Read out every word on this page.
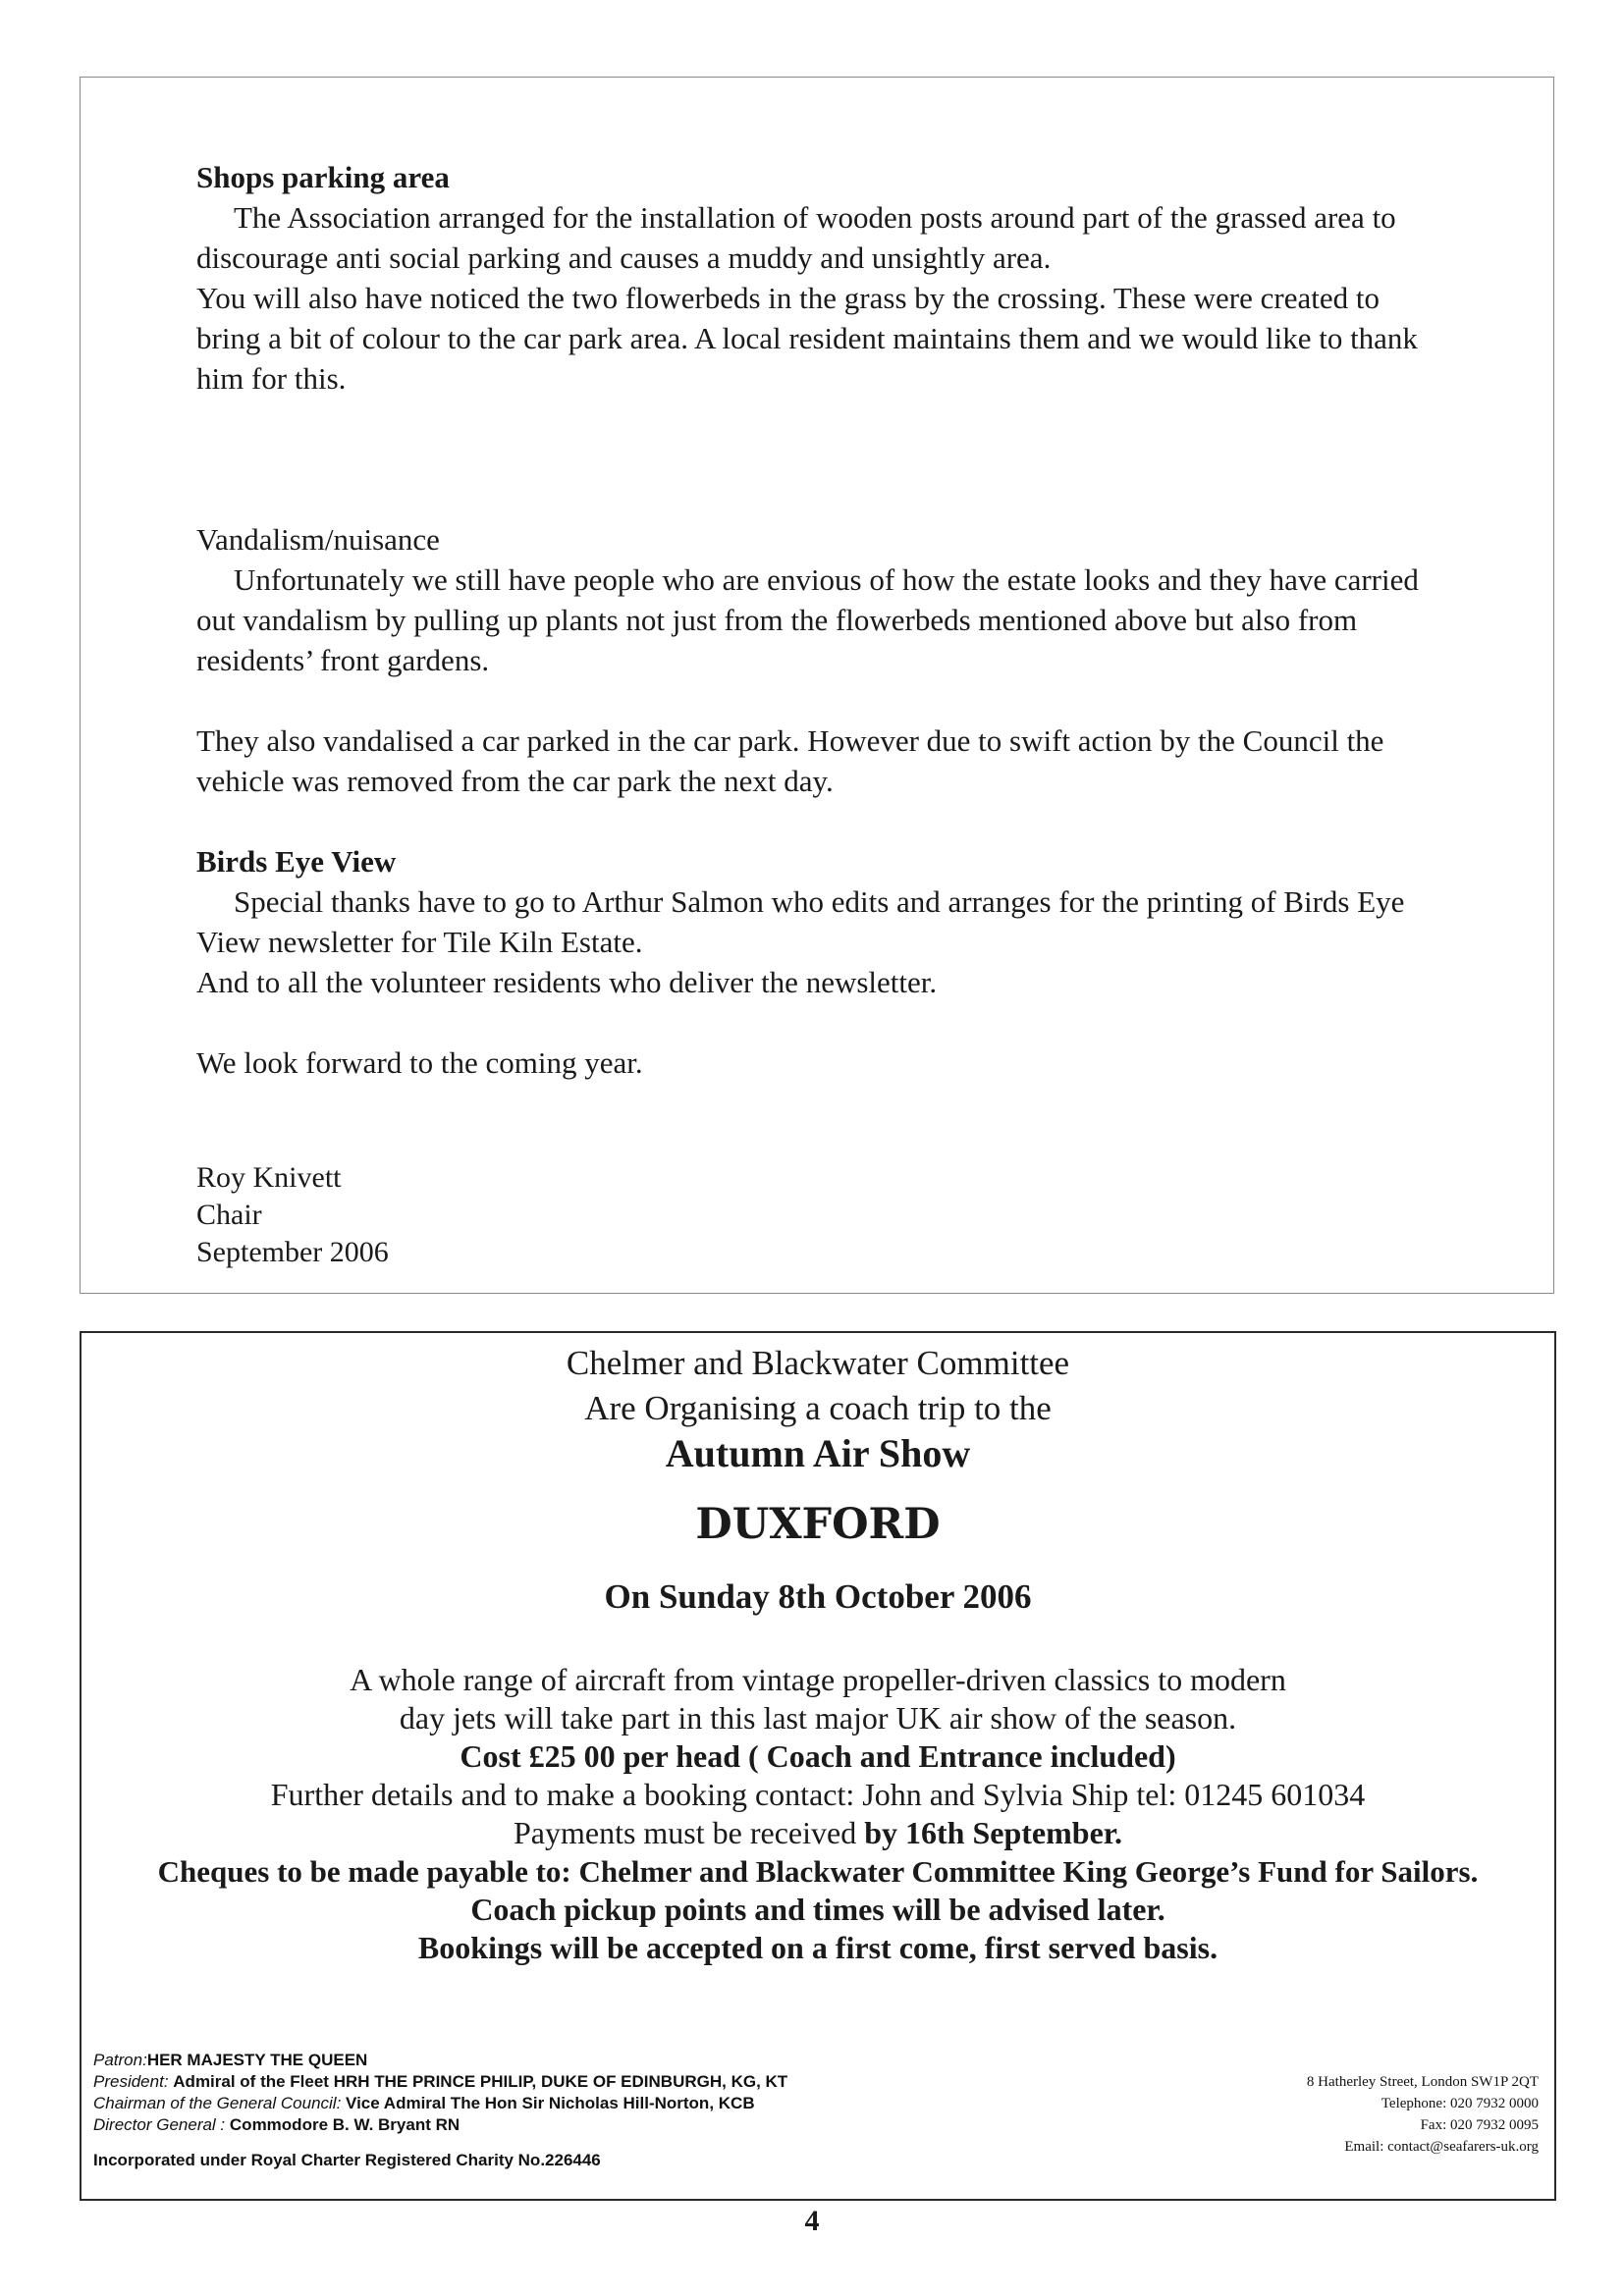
Shops parking area

The Association arranged for the installation of wooden posts around part of the grassed area to discourage anti social parking and causes a muddy and unsightly area.

You will also have noticed the two flowerbeds in the grass by the crossing. These were created to bring a bit of colour to the car park area. A local resident maintains them and we would like to thank him for this.

Vandalism/nuisance

Unfortunately we still have people who are envious of how the estate looks and they have carried out vandalism by pulling up plants not just from the flowerbeds mentioned above but also from residents’ front gardens.

They also vandalised a car parked in the car park. However due to swift action by the Council the vehicle was removed from the car park the next day.

Birds Eye View

Special thanks have to go to Arthur Salmon who edits and arranges for the printing of Birds Eye View newsletter for Tile Kiln Estate.

And to all the volunteer residents who deliver the newsletter.

We look forward to the coming year.

Roy Knivett

Chair

September 2006

Chelmer and Blackwater Committee
Are Organising a coach trip to the
Autumn Air Show
DUXFORD
On Sunday 8th October 2006
A whole range of aircraft from vintage propeller-driven classics to modern
day jets will take part in this last major UK air show of the season.
Cost £25 00 per head ( Coach and Entrance included)
Further details and to make a booking contact: John and Sylvia Ship tel: 01245 601034
Payments must be received by 16th September.
Cheques to be made payable to: Chelmer and Blackwater Committee King George’s Fund for Sailors.
Coach pickup points and times will be advised later.
Bookings will be accepted on a first come, first served basis.
Patron:HER MAJESTY THE QUEEN
President: Admiral of the Fleet HRH THE PRINCE PHILIP, DUKE OF EDINBURGH, KG, KT
Chairman of the General Council: Vice Admiral The Hon Sir Nicholas Hill-Norton, KCB
Director General : Commodore B. W. Bryant RN
Incorporated under Royal Charter Registered Charity No.226446
8 Hatherley Street, London SW1P 2QT
Telephone: 020 7932 0000
Fax: 020 7932 0095
Email: contact@seafarers-uk.org
4
